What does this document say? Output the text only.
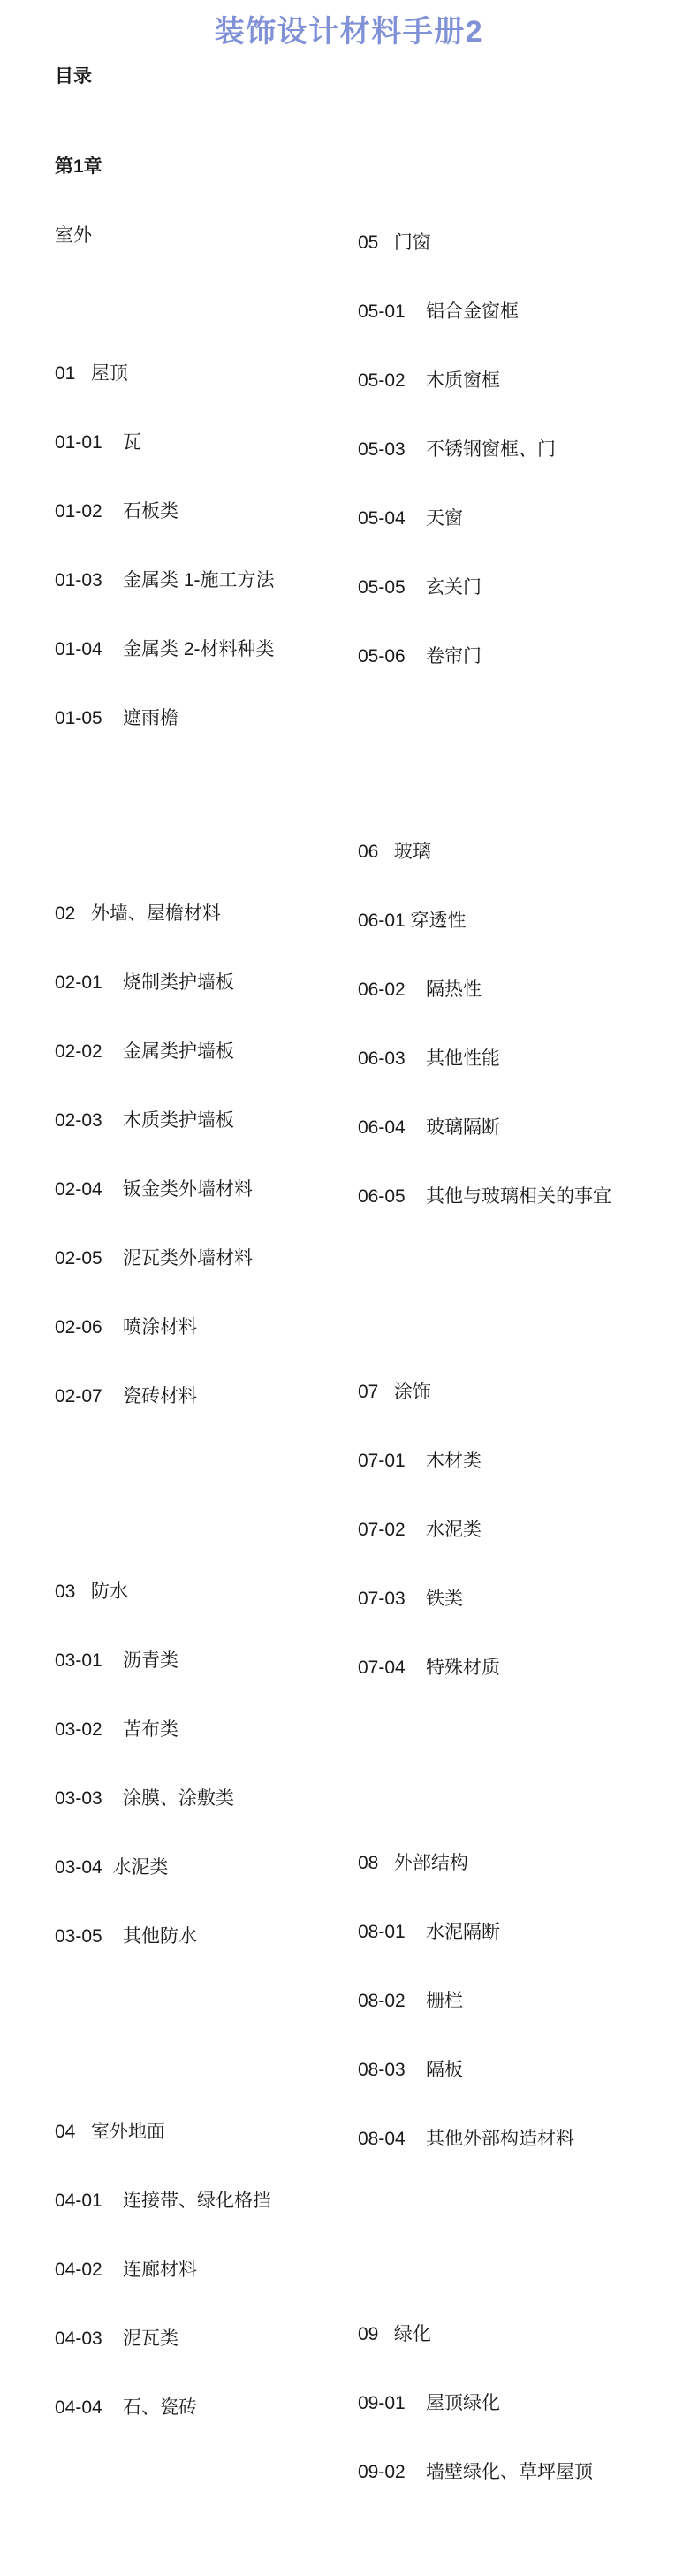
装饰设计材料手册2
目录

第1章

室外

01   屋顶

01-01    瓦

01-02    石板类

01-03    金属类 1-施工方法

01-04    金属类 2-材料种类

01-05    遮雨檐

02   外墙、屋檐材料

02-01    烧制类护墙板

02-02    金属类护墙板

02-03    木质类护墙板

02-04    钣金类外墙材料

02-05    泥瓦类外墙材料

02-06    喷涂材料

02-07    瓷砖材料

03   防水

03-01    沥青类

03-02    苫布类

03-03    涂膜、涂敷类

03-04  水泥类

03-05    其他防水

04   室外地面

04-01    连接带、绿化格挡

04-02    连廊材料

04-03    泥瓦类

04-04    石、瓷砖

05   门窗

05-01    铝合金窗框

05-02    木质窗框

05-03    不锈钢窗框、门

05-04    天窗

05-05    玄关门

05-06    卷帘门

06   玻璃

06-01 穿透性

06-02    隔热性

06-03    其他性能

06-04    玻璃隔断

06-05    其他与玻璃相关的事宜

07   涂饰

07-01    木材类

07-02    水泥类

07-03    铁类

07-04    特殊材质

08   外部结构

08-01    水泥隔断

08-02    栅栏

08-03    隔板

08-04    其他外部构造材料

09   绿化

09-01    屋顶绿化

09-02    墙壁绿化、草坪屋顶
